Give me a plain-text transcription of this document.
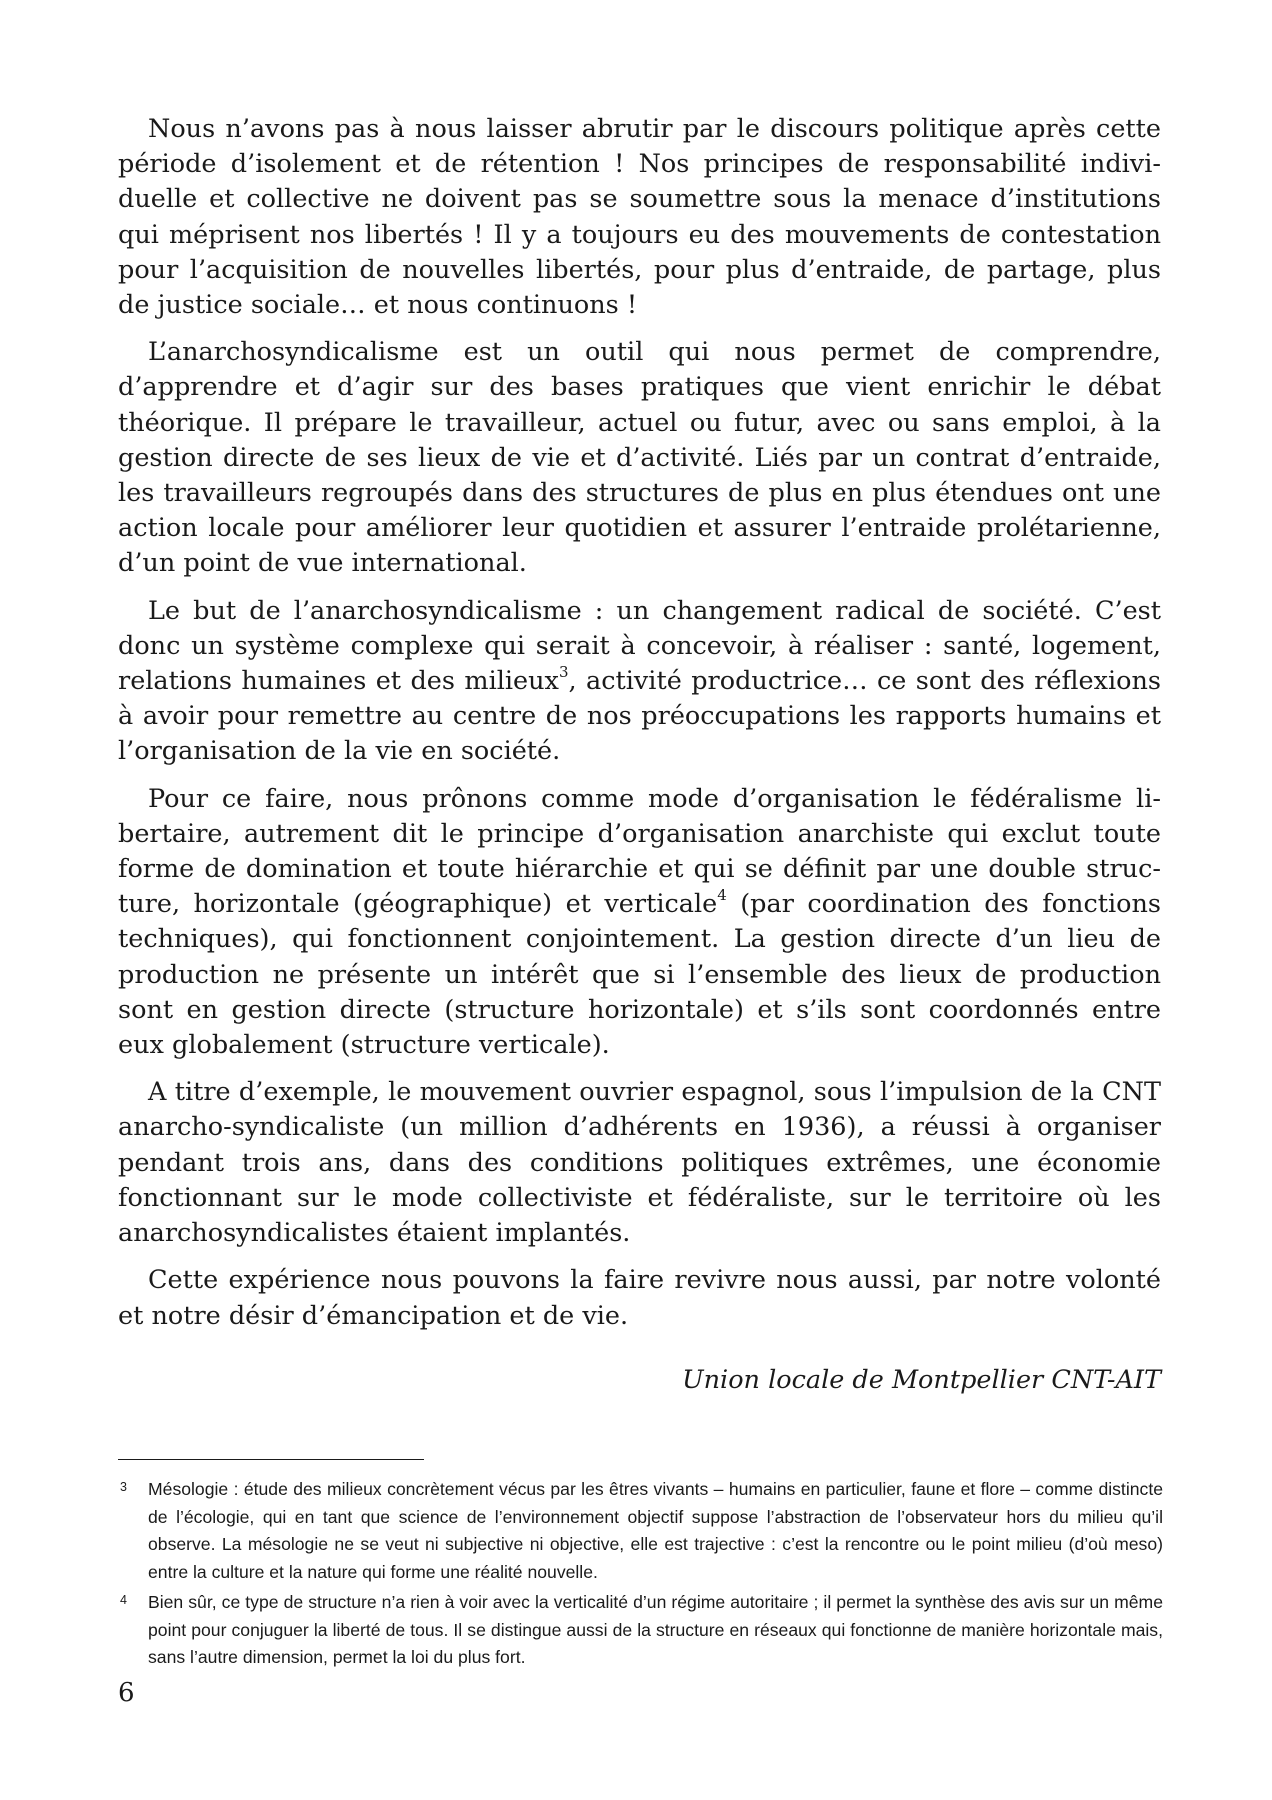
Nous n’avons pas à nous laisser abrutir par le discours politique après cette période d’isolement et de rétention ! Nos principes de responsabilité individuelle et collective ne doivent pas se soumettre sous la menace d’institutions qui méprisent nos libertés ! Il y a toujours eu des mouvements de contestation pour l’acquisition de nouvelles libertés, pour plus d’entraide, de partage, plus de justice sociale… et nous continuons !

L’anarchosyndicalisme est un outil qui nous permet de comprendre, d’apprendre et d’agir sur des bases pratiques que vient enrichir le débat théorique. Il prépare le travailleur, actuel ou futur, avec ou sans emploi, à la gestion directe de ses lieux de vie et d’activité. Liés par un contrat d’entraide, les travailleurs regroupés dans des structures de plus en plus étendues ont une action locale pour améliorer leur quotidien et assurer l’entraide prolétarienne, d’un point de vue international.

Le but de l’anarchosyndicalisme : un changement radical de société. C’est donc un système complexe qui serait à concevoir, à réaliser : santé, logement, relations humaines et des milieux$^3$, activité productrice… ce sont des réflexions à avoir pour remettre au centre de nos préoccupations les rapports humains et l’organisation de la vie en société.

Pour ce faire, nous prônons comme mode d’organisation le fédéralisme libertaire, autrement dit le principe d’organisation anarchiste qui exclut toute forme de domination et toute hiérarchie et qui se définit par une double structure, horizontale (géographique) et verticale$^4$ (par coordination des fonctions techniques), qui fonctionnent conjointement. La gestion directe d’un lieu de production ne présente un intérêt que si l’ensemble des lieux de production sont en gestion directe (structure horizontale) et s’ils sont coordonnés entre eux globalement (structure verticale).

A titre d’exemple, le mouvement ouvrier espagnol, sous l’impulsion de la CNT anarcho-syndicaliste (un million d’adhérents en 1936), a réussi à organiser pendant trois ans, dans des conditions politiques extrêmes, une économie fonctionnant sur le mode collectiviste et fédéraliste, sur le territoire où les anarchosyndicalistes étaient implantés.

Cette expérience nous pouvons la faire revivre nous aussi, par notre volonté et notre désir d’émancipation et de vie.

Union locale de Montpellier CNT-AIT
3	Mésologie : étude des milieux concrètement vécus par les êtres vivants – humains en particulier, faune et flore – comme distincte de l’écologie, qui en tant que science de l’environnement objectif suppose l’abstraction de l’observateur hors du milieu qu’il observe. La mésologie ne se veut ni subjective ni objective, elle est trajective : c’est la rencontre ou le point milieu (d’où meso) entre la culture et la nature qui forme une réalité nouvelle.
4	Bien sûr, ce type de structure n’a rien à voir avec la verticalité d’un régime autoritaire ; il permet la synthèse des avis sur un même point pour conjuguer la liberté de tous. Il se distingue aussi de la structure en réseaux qui fonctionne de manière horizontale mais, sans l’autre dimension, permet la loi du plus fort.
6
